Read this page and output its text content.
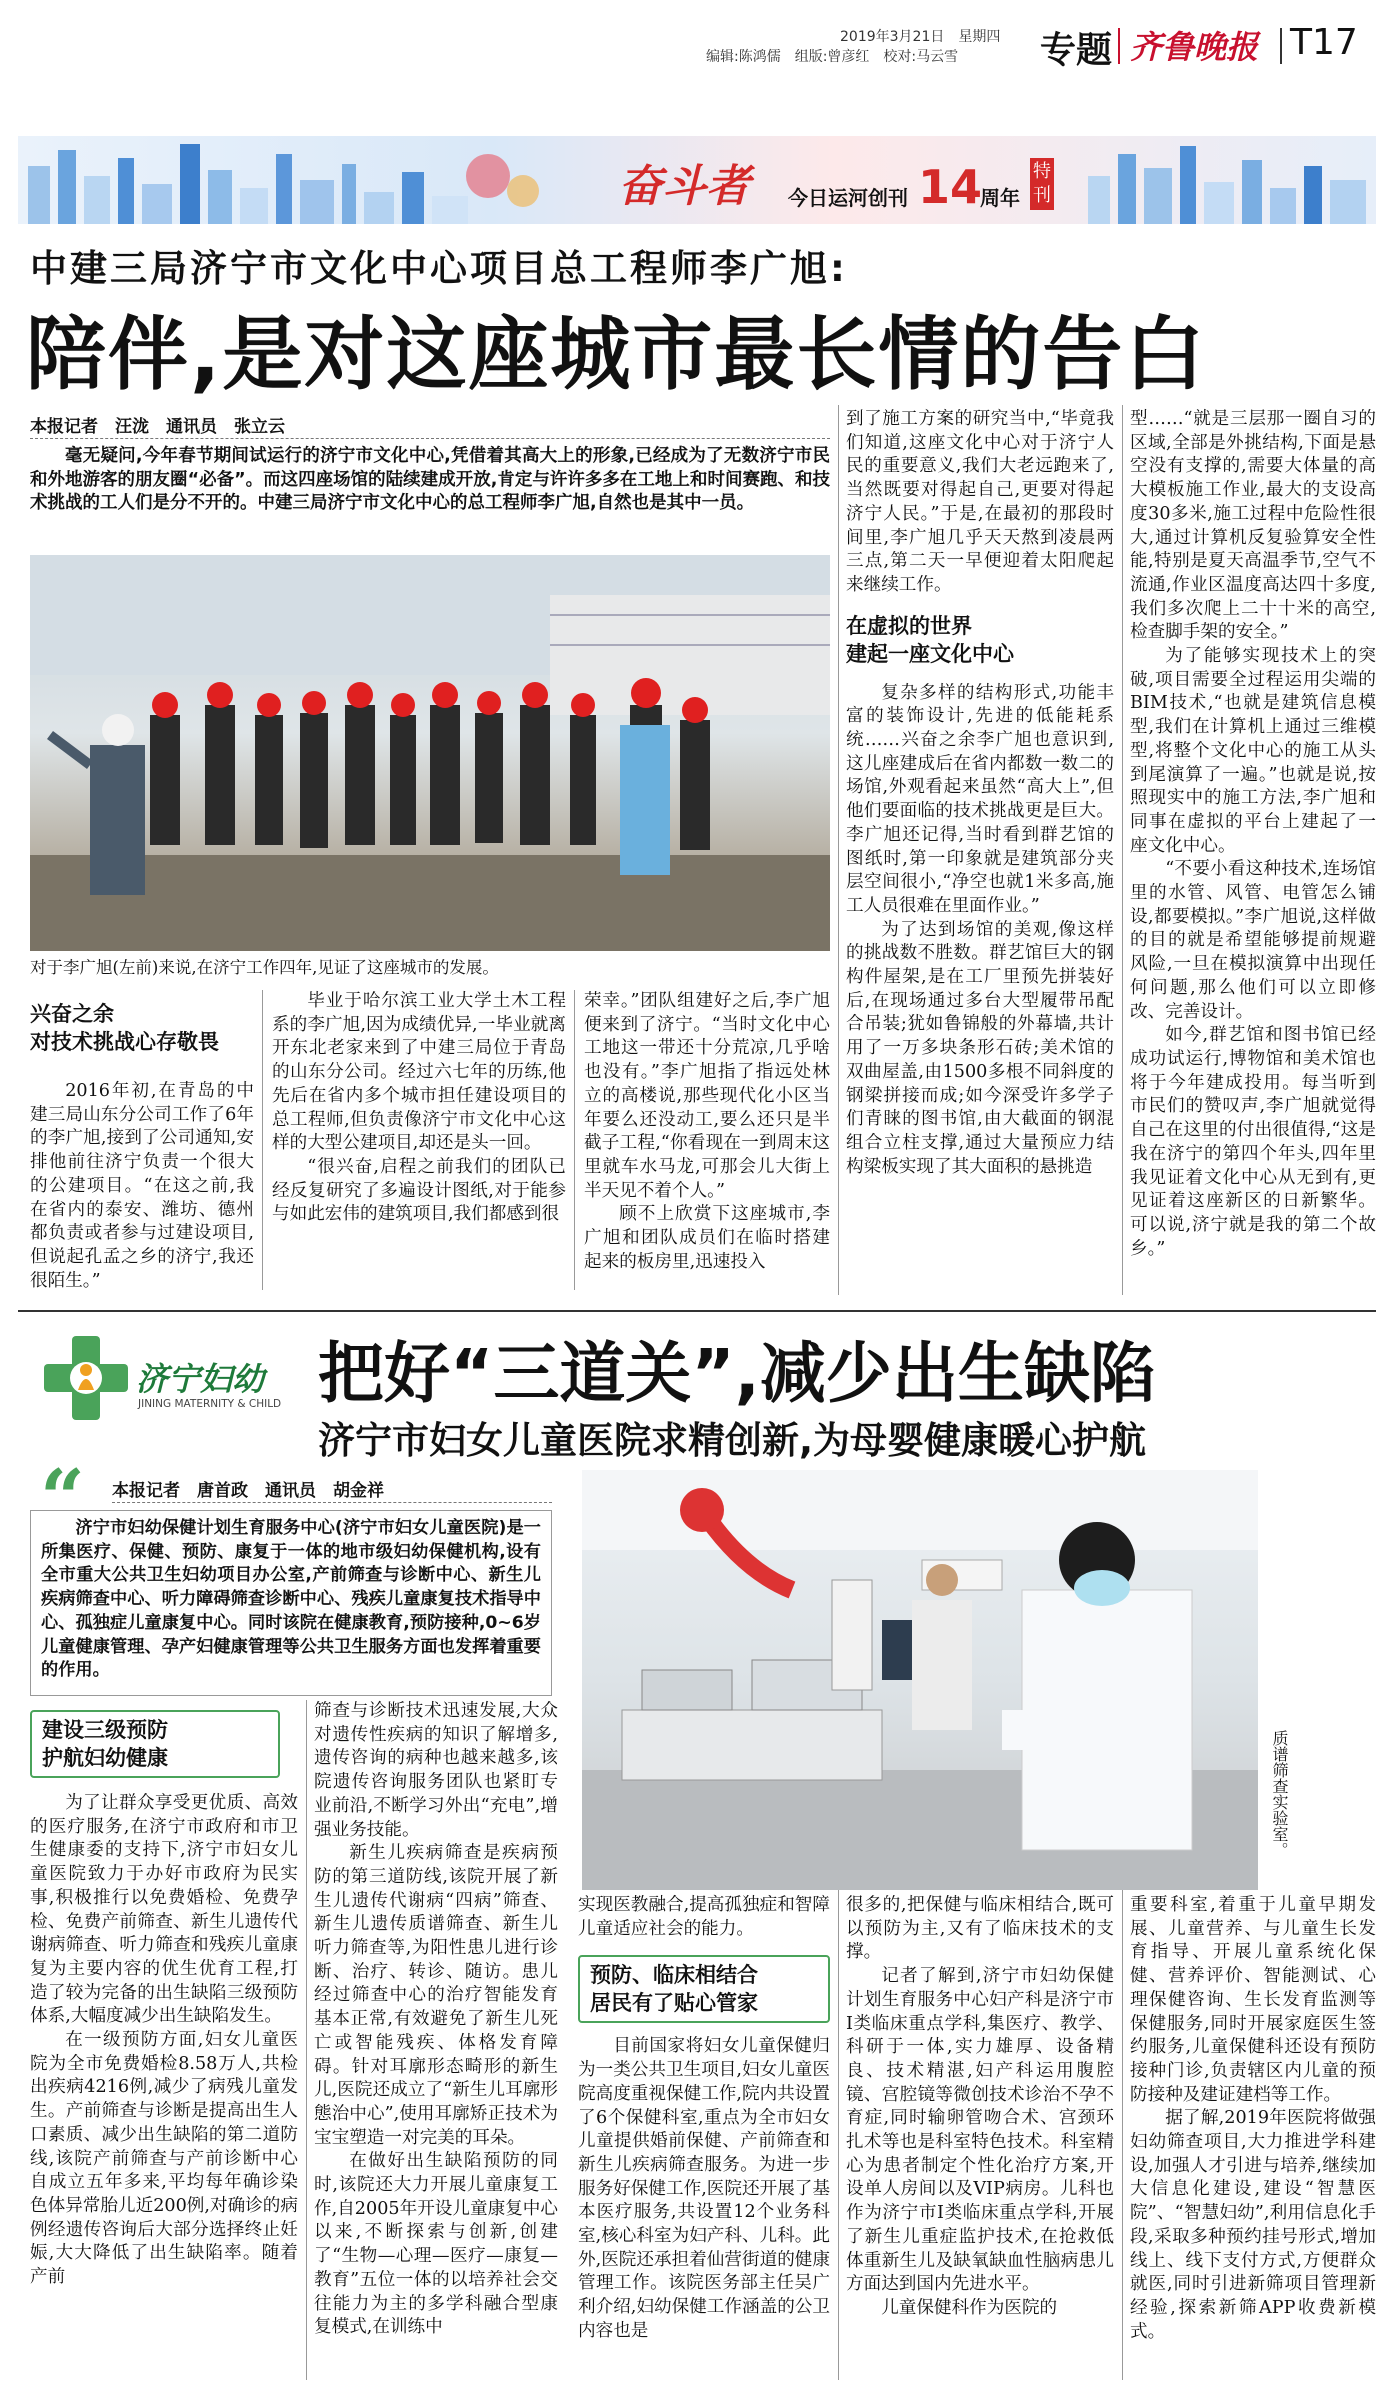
2019年3月21日　星期四
编辑:陈鸿儒　组版:曾彦红　校对:马云雪 专题 齐鲁晚报 T17
奋斗者 今日运河创刊 14
周年
特刊
中建三局济宁市文化中心项目总工程师李广旭:
陪伴,是对这座城市最长情的告白
本报记者　汪泷　通讯员　张立云

毫无疑问,今年春节期间试运行的济宁市文化中心,凭借着其高大上的形象,已经成为了无数济宁市民和外地游客的朋友圈“必备”。而这四座场馆的陆续建成开放,肯定与许许多多在工地上和时间赛跑、和技术挑战的工人们是分不开的。中建三局济宁市文化中心的总工程师李广旭,自然也是其中一员。

对于李广旭(左前)来说,在济宁工作四年,见证了这座城市的发展。
兴奋之余
对技术挑战心存敬畏

2016年初,在青岛的中建三局山东分公司工作了6年的李广旭,接到了公司通知,安排他前往济宁负责一个很大的公建项目。“在这之前,我在省内的泰安、潍坊、德州都负责或者参与过建设项目,但说起孔孟之乡的济宁,我还很陌生。”

毕业于哈尔滨工业大学土木工程系的李广旭,因为成绩优异,一毕业就离开东北老家来到了中建三局位于青岛的山东分公司。经过六七年的历练,他先后在省内多个城市担任建设项目的总工程师,但负责像济宁市文化中心这样的大型公建项目,却还是头一回。

“很兴奋,启程之前我们的团队已经反复研究了多遍设计图纸,对于能参与如此宏伟的建筑项目,我们都感到很

荣幸。”团队组建好之后,李广旭便来到了济宁。“当时文化中心工地这一带还十分荒凉,几乎啥也没有。”李广旭指了指远处林立的高楼说,那些现代化小区当年要么还没动工,要么还只是半截子工程,“你看现在一到周末这里就车水马龙,可那会儿大街上半天见不着个人。”

顾不上欣赏下这座城市,李广旭和团队成员们在临时搭建起来的板房里,迅速投入

到了施工方案的研究当中,“毕竟我们知道,这座文化中心对于济宁人民的重要意义,我们大老远跑来了,当然既要对得起自己,更要对得起济宁人民。”于是,在最初的那段时间里,李广旭几乎天天熬到凌晨两三点,第二天一早便迎着太阳爬起来继续工作。

在虚拟的世界
建起一座文化中心

复杂多样的结构形式,功能丰富的装饰设计,先进的低能耗系统……兴奋之余李广旭也意识到,这儿座建成后在省内都数一数二的场馆,外观看起来虽然“高大上”,但他们要面临的技术挑战更是巨大。李广旭还记得,当时看到群艺馆的图纸时,第一印象就是建筑部分夹层空间很小,“净空也就1米多高,施工人员很难在里面作业。”

为了达到场馆的美观,像这样的挑战数不胜数。群艺馆巨大的钢构件屋架,是在工厂里预先拼装好后,在现场通过多台大型履带吊配合吊装;犹如鲁锦般的外幕墙,共计用了一万多块条形石砖;美术馆的双曲屋盖,由1500多根不同斜度的钢梁拼接而成;如今深受许多学子们青睐的图书馆,由大截面的钢混组合立柱支撑,通过大量预应力结构梁板实现了其大面积的悬挑造

型……“就是三层那一圈自习的区域,全部是外挑结构,下面是悬空没有支撑的,需要大体量的高大模板施工作业,最大的支设高度30多米,施工过程中危险性很大,通过计算机反复验算安全性能,特别是夏天高温季节,空气不流通,作业区温度高达四十多度,我们多次爬上二十十米的高空,检查脚手架的安全。”

为了能够实现技术上的突破,项目需要全过程运用尖端的BIM技术,“也就是建筑信息模型,我们在计算机上通过三维模型,将整个文化中心的施工从头到尾演算了一遍。”也就是说,按照现实中的施工方法,李广旭和同事在虚拟的平台上建起了一座文化中心。

“不要小看这种技术,连场馆里的水管、风管、电管怎么铺设,都要模拟。”李广旭说,这样做的目的就是希望能够提前规避风险,一旦在模拟演算中出现任何问题,那么他们可以立即修改、完善设计。

如今,群艺馆和图书馆已经成功试运行,博物馆和美术馆也将于今年建成投用。每当听到市民们的赞叹声,李广旭就觉得自己在这里的付出很值得,“这是我在济宁的第四个年头,四年里我见证着文化中心从无到有,更见证着这座新区的日新繁华。可以说,济宁就是我的第二个故乡。”

济宁妇幼
JINING MATERNITY & CHILD 把好“三道关”,减少出生缺陷
济宁市妇女儿童医院求精创新,为母婴健康暖心护航
“ 本报记者　唐首政　通讯员　胡金祥

济宁市妇幼保健计划生育服务中心(济宁市妇女儿童医院)是一所集医疗、保健、预防、康复于一体的地市级妇幼保健机构,设有全市重大公共卫生妇幼项目办公室,产前筛查与诊断中心、新生儿疾病筛查中心、听力障碍筛查诊断中心、残疾儿童康复技术指导中心、孤独症儿童康复中心。同时该院在健康教育,预防接种,0~6岁儿童健康管理、孕产妇健康管理等公共卫生服务方面也发挥着重要的作用。

质谱筛查实验室。
建设三级预防
护航妇幼健康

为了让群众享受更优质、高效的医疗服务,在济宁市政府和市卫生健康委的支持下,济宁市妇女儿童医院致力于办好市政府为民实事,积极推行以免费婚检、免费孕检、免费产前筛查、新生儿遗传代谢病筛查、听力筛查和残疾儿童康复为主要内容的优生优育工程,打造了较为完备的出生缺陷三级预防体系,大幅度减少出生缺陷发生。

在一级预防方面,妇女儿童医院为全市免费婚检8.58万人,共检出疾病4216例,减少了病残儿童发生。产前筛查与诊断是提高出生人口素质、减少出生缺陷的第二道防线,该院产前筛查与产前诊断中心自成立五年多来,平均每年确诊染色体异常胎儿近200例,对确诊的病例经遗传咨询后大部分选择终止妊娠,大大降低了出生缺陷率。随着产前

筛查与诊断技术迅速发展,大众对遗传性疾病的知识了解增多,遗传咨询的病种也越来越多,该院遗传咨询服务团队也紧盯专业前沿,不断学习外出“充电”,增强业务技能。

新生儿疾病筛查是疾病预防的第三道防线,该院开展了新生儿遗传代谢病“四病”筛查、新生儿遗传质谱筛查、新生儿听力筛查等,为阳性患儿进行诊断、治疗、转诊、随访。患儿经过筛查中心的治疗智能发育基本正常,有效避免了新生儿死亡或智能残疾、体格发育障碍。针对耳廓形态畸形的新生儿,医院还成立了“新生儿耳廓形態治中心”,使用耳廓矫正技术为宝宝塑造一对完美的耳朵。

在做好出生缺陷预防的同时,该院还大力开展儿童康复工作,自2005年开设儿童康复中心以来,不断探索与创新,创建了“生物—心理—医疗—康复—教育”五位一体的以培养社会交往能力为主的多学科融合型康复模式,在训练中

实现医教融合,提高孤独症和智障儿童适应社会的能力。

预防、临床相结合
居民有了贴心管家

目前国家将妇女儿童保健归为一类公共卫生项目,妇女儿童医院高度重视保健工作,院内共设置了6个保健科室,重点为全市妇女儿童提供婚前保健、产前筛查和新生儿疾病筛查服务。为进一步服务好保健工作,医院还开展了基本医疗服务,共设置12个业务科室,核心科室为妇产科、儿科。此外,医院还承担着仙营街道的健康管理工作。该院医务部主任吴广利介绍,妇幼保健工作涵盖的公卫内容也是

很多的,把保健与临床相结合,既可以预防为主,又有了临床技术的支撑。

记者了解到,济宁市妇幼保健计划生育服务中心妇产科是济宁市I类临床重点学科,集医疗、教学、科研于一体,实力雄厚、设备精良、技术精湛,妇产科运用腹腔镜、宫腔镜等微创技术诊治不孕不育症,同时输卵管吻合术、宫颈环扎术等也是科室特色技术。科室精心为患者制定个性化治疗方案,开设单人房间以及VIP病房。儿科也作为济宁市I类临床重点学科,开展了新生儿重症监护技术,在抢救低体重新生儿及缺氧缺血性脑病患儿方面达到国内先进水平。

儿童保健科作为医院的

重要科室,着重于儿童早期发展、儿童营养、与儿童生长发育指导、开展儿童系统化保健、营养评价、智能测试、心理保健咨询、生长发育监测等保健服务,同时开展家庭医生签约服务,儿童保健科还设有预防接种门诊,负责辖区内儿童的预防接种及建证建档等工作。

据了解,2019年医院将做强妇幼筛查项目,大力推进学科建设,加强人才引进与培养,继续加大信息化建设,建设“智慧医院”、“智慧妇幼”,利用信息化手段,采取多种预约挂号形式,增加线上、线下支付方式,方便群众就医,同时引进新筛项目管理新经验,探索新筛APP收费新模式。
